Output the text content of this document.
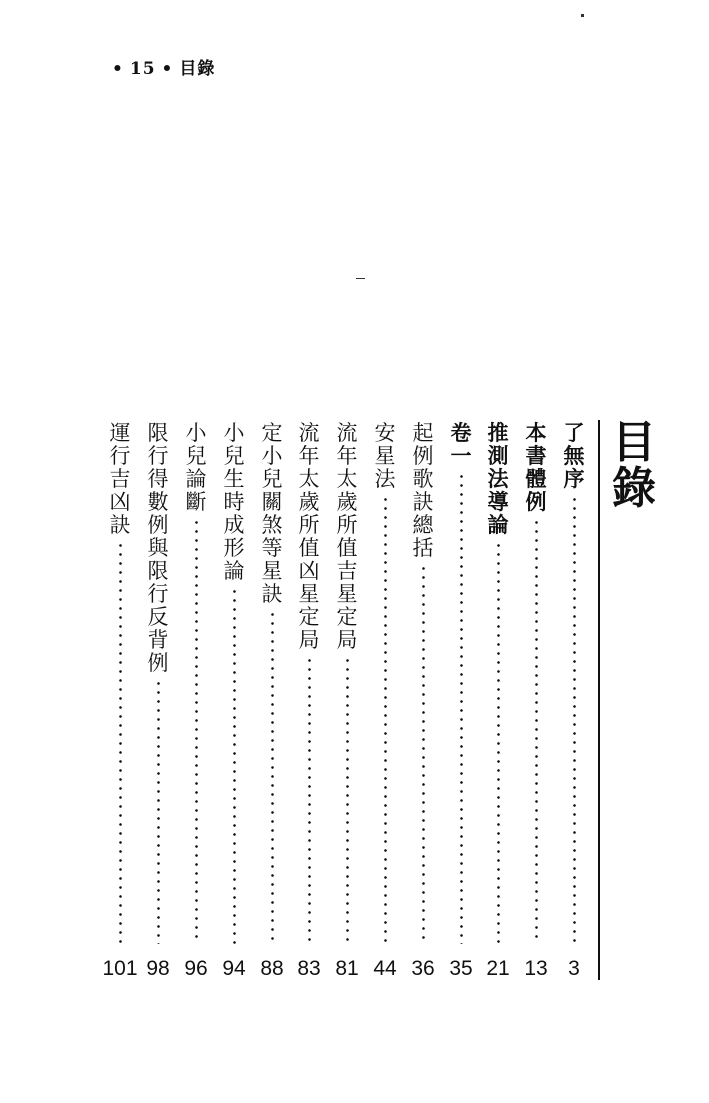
• 15 • 目錄
目
錄
了
無
序
3
本
書
體
例
13
推
測
法
導
論
21
卷
一
35
起
例
歌
訣
總
括
36
安
星
法
44
流
年
太
歲
所
值
吉
星
定
局
81
流
年
太
歲
所
值
凶
星
定
局
83
定
小
兒
關
煞
等
星
訣
88
小
兒
生
時
成
形
論
94
小
兒
論
斷
96
限
行
得
數
例
與
限
行
反
背
例
98
運
行
吉
凶
訣
101
